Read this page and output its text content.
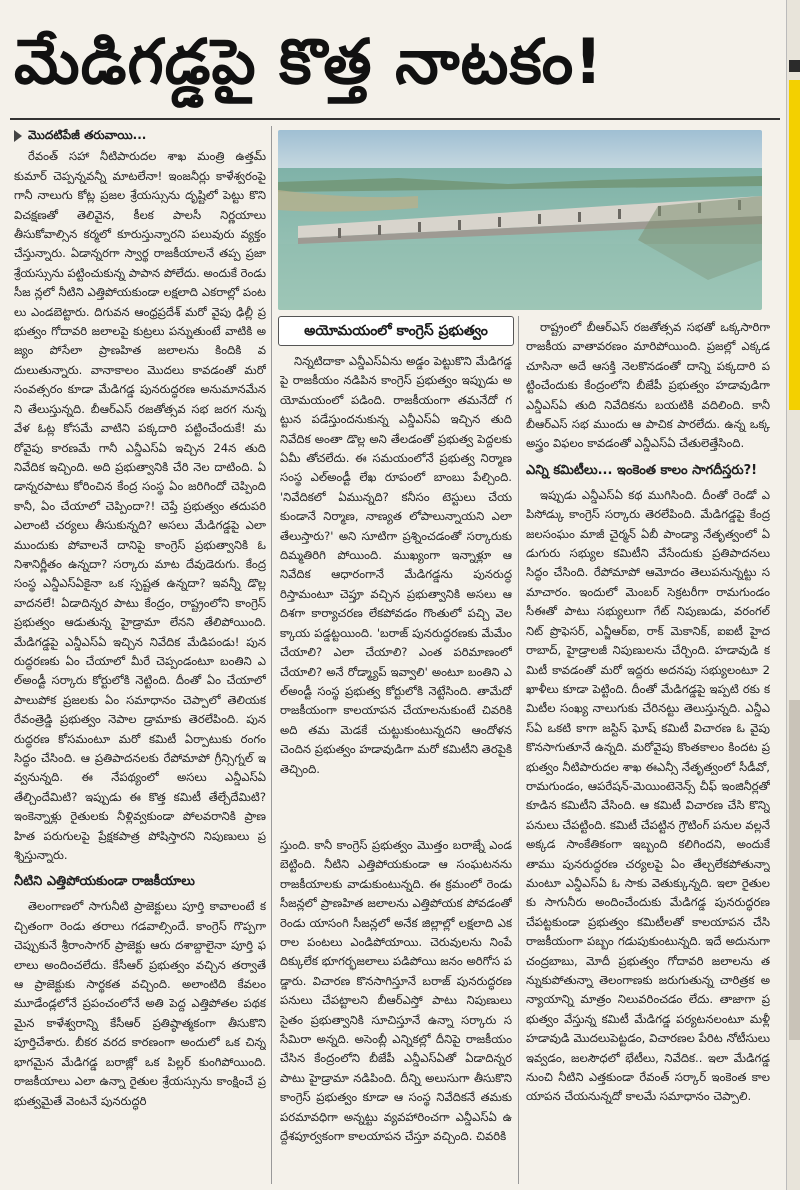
మేడిగడ్డపై కొత్త నాటకం!
మొదటిపేజీ తరువాయి...

రేవంత్ సహా నీటిపారుదల శాఖ మంత్రి ఉత్తమ్ కుమార్ చెప్పన్నవన్నీ మాటలేనా! ఇంజనీర్లు కాళేశ్వరంపై గానీ నాలుగు కోట్ల ప్రజల శ్రేయస్సును దృష్టిలో పెట్టు కొని విచక్షణతో తెలివైన, కీలక పాలసీ నిర్ణయాలు తీసుకోవాల్సిన కర్మలో కూరుస్తున్నారని పలువురు వ్యక్తం చేస్తున్నారు. ఏడాన్నరగా స్వార్థ రాజకీయాలనే తప్ప ప్రజా శ్రేయస్సును పట్టించుకున్న పాపాన పోలేదు. అందుకే రెండు సీజ న్లలో నీటిని ఎత్తిపోయకుండా లక్షలాది ఎకరాల్లో పంటలు ఎండబెట్టారు. దిగువన ఆంధ్రప్రదేశ్ మరో వైపు ఢిల్లీ ప్రభుత్వం గోదావరి జలాలపై కుట్రలు పన్నుతుంటే వాటికి అజ్యం పోసేలా ప్రాణహిత జలాలను కిందికి వదులుతున్నారు. వానాకాలం మొదలు కావడంతో మరో సంవత్సరం కూడా మేడిగడ్డ పునరుద్ధరణ అనుమానమేనని తేలుస్తున్నది. బీఆర్ఎస్ రజతోత్సవ సభ జరగ నున్న వేళ ఓట్ల కోసమే వాటిని పక్కదారి పట్టించేందుకే! మరోవైపు కారణమే గానీ ఎన్డీఎస్ఏ ఇచ్చిన 24న తుది నివేదిక ఇచ్చింది. అది ప్రభుత్వానికి చేరి నెల దాటింది. ఏడాన్నరపాటు కోరించిన కేంద్ర సంస్థ ఏం జరిగిందో చెప్పింది కానీ, ఏం చేయాలో చెప్పిందా?! చెప్తే ప్రభుత్వం తదుపరి ఎలాంటి చర్యలు తీసుకున్నది? అసలు మేడిగడ్డపై ఎలా ముందుకు పోవాలనే దానిపై కాంగ్రెస్ ప్రభుత్వానికి ఓ నిశానిర్ణీతం ఉన్నదా? సర్కారు మాట దేవుడెరుగు. కేంద్ర సంస్థ ఎన్డీఎస్ఏకైనా ఒక స్పష్టత ఉన్నదా? ఇవన్నీ డొల్ల వాదనలే! ఏడాదిన్నర పాటు కేంద్రం, రాష్ట్రంలోని కాంగ్రెస్ ప్రభుత్వం ఆడుతున్న హైడ్రామా లేనని తేలిపోయింది. మేడిగడ్డపై ఎన్డీఎస్ఏ ఇచ్చిన నివేదిక మేడిపండు! పునరుద్ధరణకు ఏం చేయాలో మీరే చెప్పండంటూ బంతిని ఎల్అండ్టీ సర్కారు కోర్టులోకి నెట్టింది. దీంతో ఏం చేయాలో పాలుపోక ప్రజలకు ఏం సమాధానం చెప్పాలో తెలియక రేవంత్రెడ్డి ప్రభుత్వం నెపాల డ్రామాకు తెరలేపింది. పునరుద్ధరణ కోసమంటూ మరో కమిటీ ఏర్పాటుకు రంగం సిద్ధం చేసింది. ఆ ప్రతిపాదనలకు రేపోమాపో గ్రీన్సిగ్నల్ ఇవ్వనున్నది. ఈ నేపథ్యంలో అసలు ఎన్డీఎస్ఏ తేల్చిందేమిటి? ఇప్పుడు ఈ కొత్త కమిటీ తేల్చేదేమిటి? ఇంకెన్నాళ్లు రైతులకు నీళ్లివ్వకుండా పోలవరానికి ప్రాణహిత పరుగులపై ప్రేక్షకపాత్ర పోషిస్తారని నిపుణులు ప్రశ్నిస్తున్నారు.

నీటిని ఎత్తిపోయకుండా రాజకీయాలు

తెలంగాణలో సాగునీటి ప్రాజెక్టులు పూర్తి కావాలంటే కచ్చితంగా రెండు తరాలు గడవాల్సిందే. కాంగ్రెస్ గొప్పగా చెప్పుకునే శ్రీరాంసాగర్ ప్రాజెక్టు ఆరు దశాబ్దాలైనా పూర్తి ఫలాలు అందించలేదు. కేసీఆర్ ప్రభుత్వం వచ్చిన తర్వాతే ఆ ప్రాజెక్టుకు సార్థకత వచ్చింది. అలాంటిది కేవలం మూడేండ్లలోనే ప్రపంచంలోనే అతి పెద్ద ఎత్తిపోతల పథకమైన కాళేశ్వరాన్ని కేసీఆర్ ప్రతిష్ఠాత్మకంగా తీసుకొని పూర్తిచేశారు. బీకర వరద కారణంగా అందులో ఒక చిన్న భాగమైన మేడిగడ్డ బరాజ్లో ఒక పిల్లర్ కుంగిపోయింది. రాజకీయాలు ఎలా ఉన్నా రైతుల శ్రేయస్సును కాంక్షించే ప్రభుత్వమైతే వెంటనే పునరుద్ధరి

అయోమయంలో కాంగ్రెస్ ప్రభుత్వం

నిన్నటిదాకా ఎన్డీఎస్ఏను అడ్డం పెట్టుకొని మేడిగడ్డపై రాజకీయం నడిపిన కాంగ్రెస్ ప్రభుత్వం ఇప్పుడు అయోమయంలో పడింది. రాజకీయంగా తమనేదో గట్టున పడేస్తుందనుకున్న ఎన్డీఎస్ఏ ఇచ్చిన తుది నివేదిక అంతా డొల్ల అని తేలడంతో ప్రభుత్వ పెద్దలకు ఏమీ తోచలేదు. ఈ సమయంలోనే ప్రభుత్వ నిర్మాణ సంస్థ ఎల్అండ్టీ లేఖ రూపంలో బాంబు పేల్చింది. 'నివేదికలో ఏమున్నది? కనీసం టెస్టులు చేయకుండానే నిర్మాణ, నాణ్యత లోపాలున్నాయని ఎలా తేలుస్తారు?' అని సూటిగా ప్రశ్నించడంతో సర్కారుకు దిమ్మతిరిగి పోయింది. ముఖ్యంగా ఇన్నాళ్లూ ఆ నివేదిక ఆధారంగానే మేడిగడ్డను పునరుద్ధరిస్తామంటూ చెప్తూ వచ్చిన ప్రభుత్వానికి అసలు ఆ దిశగా కార్యాచరణ లేకపోవడం గొంతులో పచ్చి వెలక్కాయ పడ్డట్టయింది. 'బరాజ్ పునరుద్ధరణకు మేమేం చేయాలి? ఎలా చేయాలి? ఎంత పరిమాణంలో చేయాలి? అనే రోడ్మ్యాప్ ఇవ్వాలి' అంటూ బంతిని ఎల్అండ్టీ సంస్థ ప్రభుత్వ కోర్టులోకి నెట్టేసింది. తామేదో రాజకీయంగా కాలయాపన చేయాలనుకుంటే చివరికి అది తమ మెడకే చుట్టుకుంటున్నదని ఆందోళన చెందిన ప్రభుత్వం హడావుడిగా మరో కమిటీని తెరపైకి తెచ్చింది.

స్తుంది. కానీ కాంగ్రెస్ ప్రభుత్వం మొత్తం బరాజ్నే ఎండబెట్టింది. నీటిని ఎత్తిపోయకుండా ఆ సంఘటనను రాజకీయాలకు వాడుకుంటున్నది. ఈ క్రమంలో రెండు సీజన్లలో ప్రాణహిత జలాలను ఎత్తిపోయక పోవడంతో రెండు యాసంగి సీజన్లలో అనేక జిల్లాల్లో లక్షలాది ఎకరాల పంటలు ఎండిపోయాయి. చెరువులను నింపే దిక్కులేక భూగర్భజలాలు పడిపోయి జనం అరిగోస పడ్డారు. విచారణ కొనసాగిస్తూనే బరాజ్ పునరుద్ధరణ పనులు చేపట్టాలని బీఆర్ఎస్తో పాటు నిపుణులు సైతం ప్రభుత్వానికి సూచిస్తూనే ఉన్నా సర్కారు ససేమిరా అన్నది. అసెంబ్లీ ఎన్నికల్లో దీనిపై రాజకీయం చేసిన కేంద్రంలోని బీజేపీ ఎన్డీఎస్ఏతో ఏడాదిన్నర పాటు హైడ్రామా నడిపింది. దీన్ని అలుసుగా తీసుకొని కాంగ్రెస్ ప్రభుత్వం కూడా ఆ సంస్థ నివేదికనే తమకు పరమావధిగా అన్నట్టు వ్యవహారించగా ఎన్డీఎస్ఏ ఉద్దేశపూర్వకంగా కాలయాపన చేస్తూ వచ్చింది. చివరికి

రాష్ట్రంలో బీఆర్ఎస్ రజతోత్సవ సభతో ఒక్కసారిగా రాజకీయ వాతావరణం మారిపోయింది. ప్రజల్లో ఎక్కడ చూసినా అదే ఆసక్తి నెలకొనడంతో దాన్ని పక్కదారి పట్టించేందుకు కేంద్రంలోని బీజేపీ ప్రభుత్వం హడావుడిగా ఎన్డీఎస్ఏ తుది నివేదికను బయటికి వదిలింది. కానీ బీఆర్ఎస్ సభ ముందు ఆ పాచిక పారలేదు. ఉన్న ఒక్క అస్త్రం విఫలం కావడంతో ఎన్డీఎస్ఏ చేతులెత్తేసింది.

ఎన్ని కమిటీలు... ఇంకెంత కాలం సాగదీస్తరు?!

ఇప్పుడు ఎన్డీఎస్ఏ కథ ముగిసింది. దీంతో రెండో ఎపిసోడ్కు కాంగ్రెస్ సర్కారు తెరలేపింది. మేడిగడ్డపై కేంద్ర జలసంఘం మాజీ చైర్మన్ ఏబీ పాండ్యా నేతృత్వంలో ఏడుగురు సభ్యుల కమిటీని వేసేందుకు ప్రతిపాదనలు సిద్ధం చేసింది. రేపోమాపో ఆమోదం తెలుపనున్నట్టు సమాచారం. ఇందులో మెంబర్ సెక్రటరీగా రామగుండం సీఈతో పాటు సభ్యులుగా గేట్ నిపుణుడు, వరంగల్ నిట్ ప్రొఫెసర్, ఎన్జీఆర్ఐ, రాక్ మెకానిక్, ఐఐటీ హైదరాబాద్, హైడ్రాలజీ నిపుణులను చేర్చింది. హడావుడి కమిటీ కావడంతో మరో ఇద్దరు అదనపు సభ్యులంటూ 2 ఖాళీలు కూడా పెట్టింది. దీంతో మేడిగడ్డపై ఇప్పటి రకు కమిటీల సంఖ్య నాలుగుకు చేరినట్టు తెలుస్తున్నది. ఎన్డీఎస్ఏ ఒకటి కాగా జస్టిస్ ఘోష్ కమిటీ విచారణ ఓ వైపు కొనసాగుతూనే ఉన్నది. మరోవైపు కొంతకాలం కిందట ప్రభుత్వం నీటిపారుదల శాఖ ఈఎన్సీ నేతృత్వంలో సీడీవో, రామగుండం, ఆపరేషన్-మెయింటెనెన్స్ చీఫ్ ఇంజినీర్లతో కూడిన కమిటీని వేసింది. ఆ కమిటీ విచారణ చేసి కొన్ని పనులు చేపట్టింది. కమిటీ చేపట్టిన గ్రౌటింగ్ పనుల వల్లనే అక్కడ సాంకేతికంగా ఇబ్బంది కలిగిందని, అందుకే తాము పునరుద్ధరణ చర్యలపై ఏం తేల్చలేకపోతున్నా మంటూ ఎన్డీఎస్ఏ ఓ సాకు వెతుక్కున్నది. ఇలా రైతులకు సాగునీరు అందించేందుకు మేడిగడ్డ పునరుద్ధరణ చేపట్టకుండా ప్రభుత్వం కమిటీలతో కాలయాపన చేసి రాజకీయంగా పబ్బం గడుపుకుంటున్నది. ఇదే అదునుగా చంద్రబాబు, మోదీ ప్రభుత్వం గోదావరి జలాలను తన్నుకుపోతున్నా తెలంగాణకు జరుగుతున్న చారిత్రక అన్యాయాన్ని మాత్రం నిలువరించడం లేదు. తాజాగా ప్రభుత్వం వేస్తున్న కమిటీ మేడిగడ్డ పర్యటనలంటూ మళ్లీ హడావుడి మొదలుపెట్టడం, విచారణల పేరిట నోటీసులు ఇవ్వడం, జలసౌధలో భేటీలు, నివేదిక.. ఇలా మేడిగడ్డ నుంచి నీటిని ఎత్తకుండా రేవంత్ సర్కార్ ఇంకెంత కాలయాపన చేయనున్నదో కాలమే సమాధానం చెప్పాలి.
